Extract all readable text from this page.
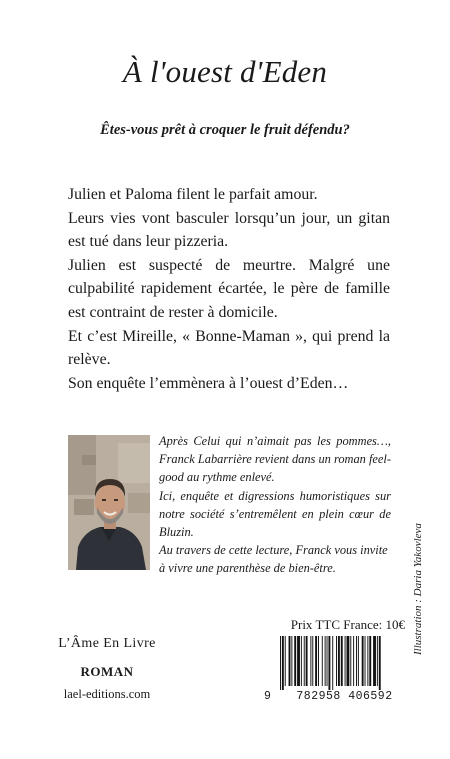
À l'ouest d'Eden
Êtes-vous prêt à croquer le fruit défendu?

Julien et Paloma filent le parfait amour.

Leurs vies vont basculer lorsqu’un jour, un gitan est tué dans leur pizzeria.

Julien est suspecté de meurtre. Malgré une culpabilité rapidement écartée, le père de famille est contraint de rester à domicile.

Et c’est Mireille, « Bonne-Maman », qui prend la relève.

Son enquête l’emmènera à l’ouest d’Eden…

Après Celui qui n’aimait pas les pommes…, Franck Labarrière revient dans un roman feel-good au rythme enlevé.

Ici, enquête et digressions humoristiques sur notre société s’entremêlent en plein cœur de Bluzin.

Au travers de cette lecture, Franck vous invite à vivre une parenthèse de bien-être.	Illustration : Daria Yakovleva
L’Âme En Livre
ROMAN
lael-editions.com
Prix TTC France: 10€
9	782958 406592
